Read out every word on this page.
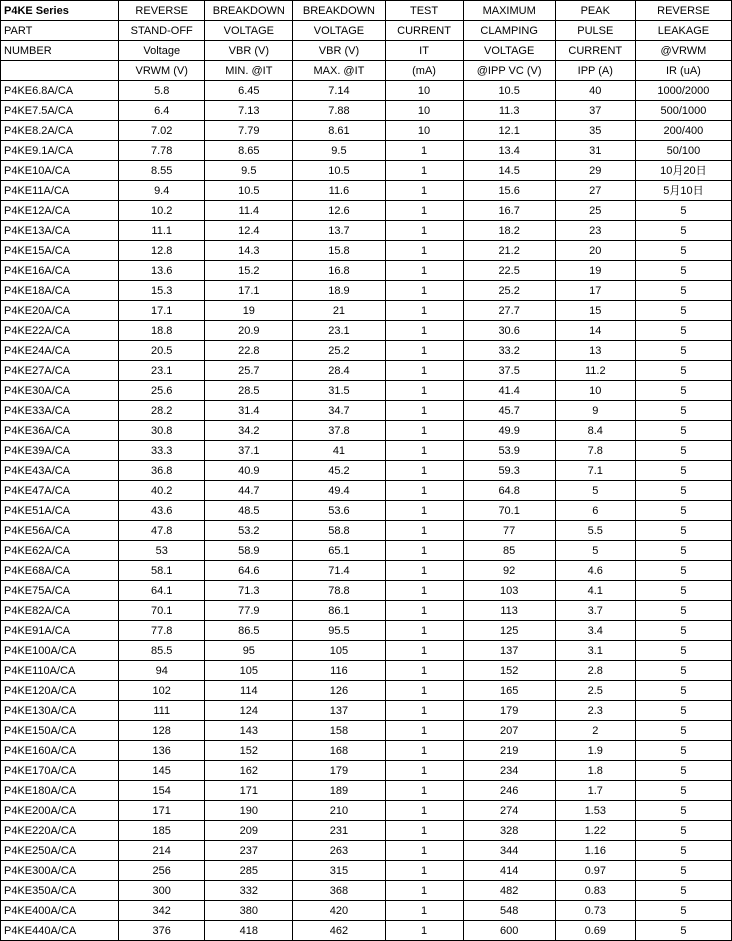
P4KE Series	REVERSE	BREAKDOWN	BREAKDOWN	TEST	MAXIMUM	PEAK	REVERSE
PART	STAND-OFF	VOLTAGE	VOLTAGE	CURRENT	CLAMPING	PULSE	LEAKAGE
NUMBER	Voltage	VBR (V)	VBR (V)	IT	VOLTAGE	CURRENT	@VRWM
	VRWM (V)	MIN. @IT	MAX. @IT	(mA)	@IPP VC (V)	IPP (A)	IR (uA)
P4KE6.8A/CA	5.8	6.45	7.14	10	10.5	40	1000/2000
P4KE7.5A/CA	6.4	7.13	7.88	10	11.3	37	500/1000
P4KE8.2A/CA	7.02	7.79	8.61	10	12.1	35	200/400
P4KE9.1A/CA	7.78	8.65	9.5	1	13.4	31	50/100
P4KE10A/CA	8.55	9.5	10.5	1	14.5	29	10月20日
P4KE11A/CA	9.4	10.5	11.6	1	15.6	27	5月10日
P4KE12A/CA	10.2	11.4	12.6	1	16.7	25	5
P4KE13A/CA	11.1	12.4	13.7	1	18.2	23	5
P4KE15A/CA	12.8	14.3	15.8	1	21.2	20	5
P4KE16A/CA	13.6	15.2	16.8	1	22.5	19	5
P4KE18A/CA	15.3	17.1	18.9	1	25.2	17	5
P4KE20A/CA	17.1	19	21	1	27.7	15	5
P4KE22A/CA	18.8	20.9	23.1	1	30.6	14	5
P4KE24A/CA	20.5	22.8	25.2	1	33.2	13	5
P4KE27A/CA	23.1	25.7	28.4	1	37.5	11.2	5
P4KE30A/CA	25.6	28.5	31.5	1	41.4	10	5
P4KE33A/CA	28.2	31.4	34.7	1	45.7	9	5
P4KE36A/CA	30.8	34.2	37.8	1	49.9	8.4	5
P4KE39A/CA	33.3	37.1	41	1	53.9	7.8	5
P4KE43A/CA	36.8	40.9	45.2	1	59.3	7.1	5
P4KE47A/CA	40.2	44.7	49.4	1	64.8	5	5
P4KE51A/CA	43.6	48.5	53.6	1	70.1	6	5
P4KE56A/CA	47.8	53.2	58.8	1	77	5.5	5
P4KE62A/CA	53	58.9	65.1	1	85	5	5
P4KE68A/CA	58.1	64.6	71.4	1	92	4.6	5
P4KE75A/CA	64.1	71.3	78.8	1	103	4.1	5
P4KE82A/CA	70.1	77.9	86.1	1	113	3.7	5
P4KE91A/CA	77.8	86.5	95.5	1	125	3.4	5
P4KE100A/CA	85.5	95	105	1	137	3.1	5
P4KE110A/CA	94	105	116	1	152	2.8	5
P4KE120A/CA	102	114	126	1	165	2.5	5
P4KE130A/CA	111	124	137	1	179	2.3	5
P4KE150A/CA	128	143	158	1	207	2	5
P4KE160A/CA	136	152	168	1	219	1.9	5
P4KE170A/CA	145	162	179	1	234	1.8	5
P4KE180A/CA	154	171	189	1	246	1.7	5
P4KE200A/CA	171	190	210	1	274	1.53	5
P4KE220A/CA	185	209	231	1	328	1.22	5
P4KE250A/CA	214	237	263	1	344	1.16	5
P4KE300A/CA	256	285	315	1	414	0.97	5
P4KE350A/CA	300	332	368	1	482	0.83	5
P4KE400A/CA	342	380	420	1	548	0.73	5
P4KE440A/CA	376	418	462	1	600	0.69	5
